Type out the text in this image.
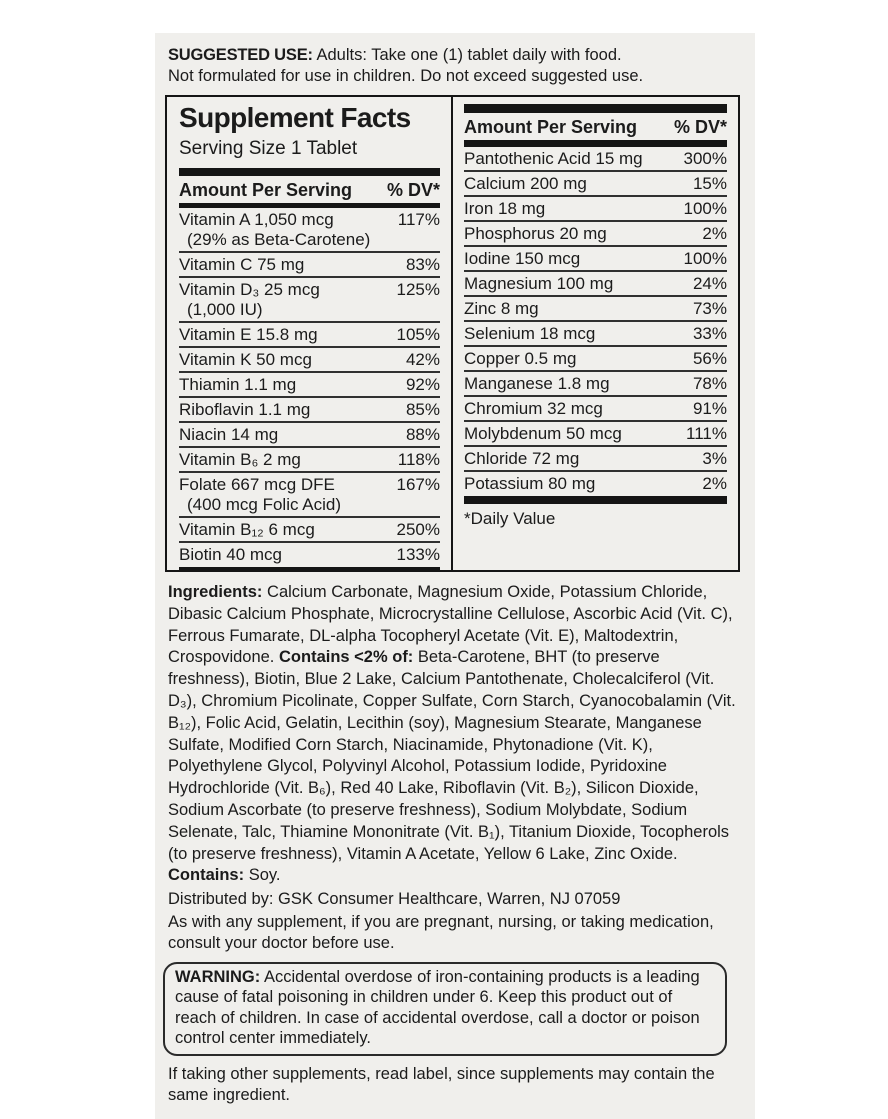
SUGGESTED USE: Adults: Take one (1) tablet daily with food.
Not formulated for use in children. Do not exceed suggested use.

Supplement Facts
Serving Size 1 Tablet
Amount Per Serving % DV*
Vitamin A 1,050 mcg
(29% as Beta-Carotene)
117%
Vitamin C 75 mg	83%
Vitamin D₃ 25 mcg
(1,000 IU)
125%
Vitamin E 15.8 mg	105%
Vitamin K 50 mcg	42%
Thiamin 1.1 mg	92%
Riboflavin 1.1 mg	85%
Niacin 14 mg	88%
Vitamin B₆ 2 mg	118%
Folate 667 mcg DFE
(400 mcg Folic Acid)
167%
Vitamin B₁₂ 6 mcg	250%
Biotin 40 mcg	133%
Amount Per Serving % DV*
Pantothenic Acid 15 mg	300%
Calcium 200 mg	15%
Iron 18 mg	100%
Phosphorus 20 mg	2%
Iodine 150 mcg	100%
Magnesium 100 mg	24%
Zinc 8 mg	73%
Selenium 18 mcg	33%
Copper 0.5 mg	56%
Manganese 1.8 mg	78%
Chromium 32 mcg	91%
Molybdenum 50 mcg	111%
Chloride 72 mg	3%
Potassium 80 mg	2%
*Daily Value

Ingredients: Calcium Carbonate, Magnesium Oxide, Potassium Chloride, Dibasic Calcium Phosphate, Microcrystalline Cellulose, Ascorbic Acid (Vit. C), Ferrous Fumarate, DL-alpha Tocopheryl Acetate (Vit. E), Maltodextrin, Crospovidone. Contains <2% of: Beta-Carotene, BHT (to preserve freshness), Biotin, Blue 2 Lake, Calcium Pantothenate, Cholecalciferol (Vit. D₃), Chromium Picolinate, Copper Sulfate, Corn Starch, Cyanocobalamin (Vit. B₁₂), Folic Acid, Gelatin, Lecithin (soy), Magnesium Stearate, Manganese Sulfate, Modified Corn Starch, Niacinamide, Phytonadione (Vit. K), Polyethylene Glycol, Polyvinyl Alcohol, Potassium Iodide, Pyridoxine Hydrochloride (Vit. B₆), Red 40 Lake, Riboflavin (Vit. B₂), Silicon Dioxide, Sodium Ascorbate (to preserve freshness), Sodium Molybdate, Sodium Selenate, Talc, Thiamine Mononitrate (Vit. B₁), Titanium Dioxide, Tocopherols (to preserve freshness), Vitamin A Acetate, Yellow 6 Lake, Zinc Oxide. Contains: Soy.

Distributed by: GSK Consumer Healthcare, Warren, NJ 07059

As with any supplement, if you are pregnant, nursing, or taking medication, consult your doctor before use.

WARNING: Accidental overdose of iron-containing products is a leading cause of fatal poisoning in children under 6. Keep this product out of reach of children. In case of accidental overdose, call a doctor or poison control center immediately.

If taking other supplements, read label, since supplements may contain the same ingredient.
